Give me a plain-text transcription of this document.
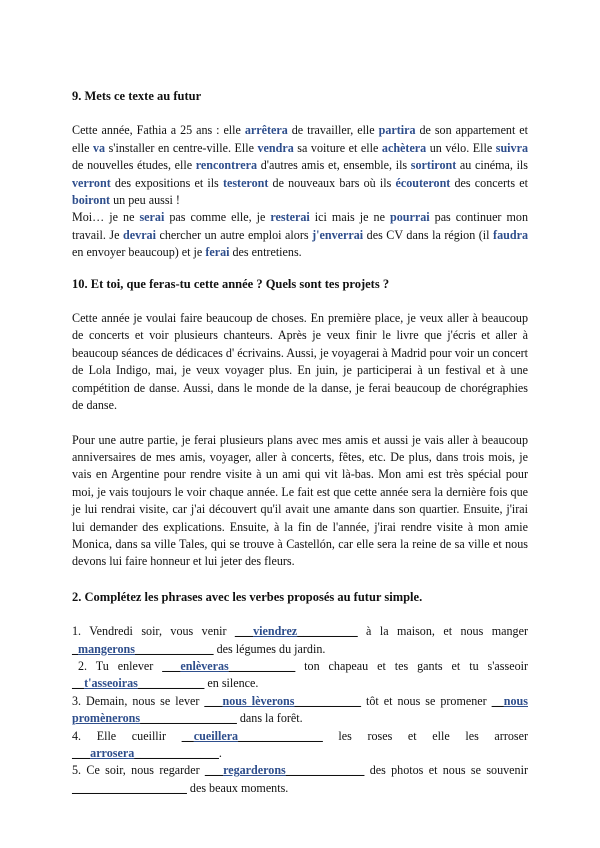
9. Mets ce texte au futur

Cette année, Fathia a 25 ans : elle arrêtera de travailler, elle partira de son appartement et elle va s'installer en centre-ville. Elle vendra sa voiture et elle achètera un vélo. Elle suivra de nouvelles études, elle rencontrera d'autres amis et, ensemble, ils sortiront au cinéma, ils verront des expositions et ils testeront de nouveaux bars où ils écouteront des concerts et boiront un peu aussi !

Moi… je ne serai pas comme elle, je resterai ici mais je ne pourrai pas continuer mon travail. Je devrai chercher un autre emploi alors j'enverrai des CV dans la région (il faudra en envoyer beaucoup) et je ferai des entretiens.

10. Et toi, que feras-tu cette année ? Quels sont tes projets ?

Cette année je voulai faire beaucoup de choses. En première place, je veux aller à beaucoup de concerts et voir plusieurs chanteurs. Après je veux finir le livre que j'écris et aller à beaucoup séances de dédicaces d' écrivains. Aussi, je voyagerai à Madrid pour voir un concert de Lola Indigo, mai, je veux voyager plus. En juin, je participerai à un festival et à une compétition de danse. Aussi, dans le monde de la danse, je ferai beaucoup de chorégraphies de danse.

Pour une autre partie, je ferai plusieurs plans avec mes amis et aussi je vais aller à beaucoup anniversaires de mes amis, voyager, aller à concerts, fêtes, etc. De plus, dans trois mois, je vais en Argentine pour rendre visite à un ami qui vit là-bas. Mon ami est très spécial pour moi, je vais toujours le voir chaque année. Le fait est que cette année sera la dernière fois que je lui rendrai visite, car j'ai découvert qu'il avait une amante dans son quartier. Ensuite, j'irai lui demander des explications. Ensuite, à la fin de l'année, j'irai rendre visite à mon amie Monica, dans sa ville Tales, qui se trouve à Castellón, car elle sera la reine de sa ville et nous devons lui faire honneur et lui jeter des fleurs.

2. Complétez les phrases avec les verbes proposés au futur simple.

1. Vendredi soir, vous venir ___viendrez__________ à la maison, et nous manger

_mangerons_____________ des légumes du jardin.

2. Tu enlever ___enlèveras___________ ton chapeau et tes gants et tu s'asseoir

__t'asseoiras___________ en silence.

3. Demain, nous se lever ___nous lèverons___________ tôt et nous se promener __nous

promènerons________________ dans la forêt.

4. Elle cueillir __cueillera______________ les roses et elle les arroser

___arrosera______________.

5. Ce soir, nous regarder ___regarderons_____________ des photos et nous se souvenir

___________________ des beaux moments.
